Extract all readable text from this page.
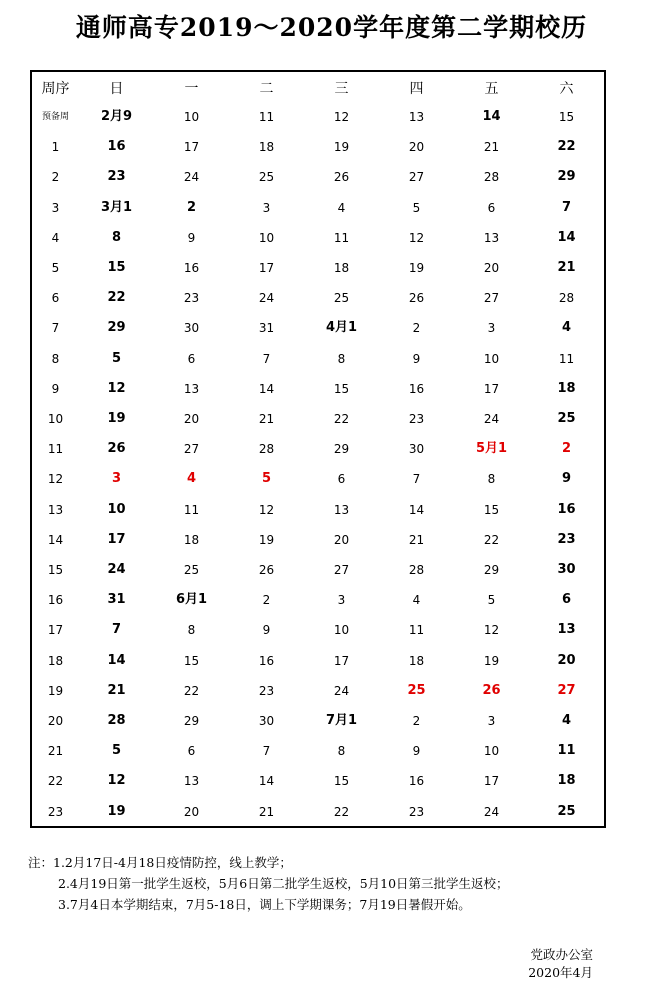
通师高专2019～2020学年度第二学期校历
周序	日	一	二	三	四	五	六
预备周	2月9	10	11	12	13	14	15
1	16	17	18	19	20	21	22
2	23	24	25	26	27	28	29
3	3月1	2	3	4	5	6	7
4	8	9	10	11	12	13	14
5	15	16	17	18	19	20	21
6	22	23	24	25	26	27	28
7	29	30	31	4月1	2	3	4
8	5	6	7	8	9	10	11
9	12	13	14	15	16	17	18
10	19	20	21	22	23	24	25
11	26	27	28	29	30	5月1	2
12	3	4	5	6	7	8	9
13	10	11	12	13	14	15	16
14	17	18	19	20	21	22	23
15	24	25	26	27	28	29	30
16	31	6月1	2	3	4	5	6
17	7	8	9	10	11	12	13
18	14	15	16	17	18	19	20
19	21	22	23	24	25	26	27
20	28	29	30	7月1	2	3	4
21	5	6	7	8	9	10	11
22	12	13	14	15	16	17	18
23	19	20	21	22	23	24	25
注：1.2月17日-4月18日疫情防控，线上教学；
2.4月19日第一批学生返校，5月6日第二批学生返校，5月10日第三批学生返校；
3.7月4日本学期结束，7月5-18日，调上下学期课务；7月19日暑假开始。
党政办公室
2020年4月
